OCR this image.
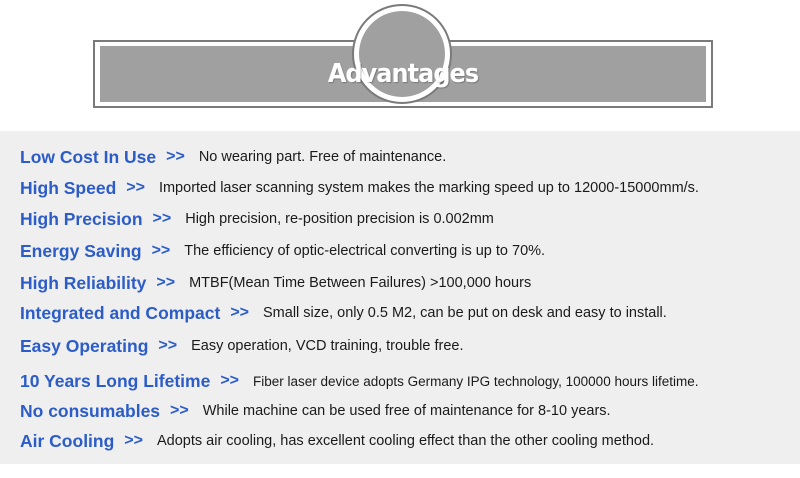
Advantages
Low Cost In Use >> No wearing part. Free of maintenance.
High Speed >> Imported laser scanning system makes the marking speed up to 12000-15000mm/s.
High Precision >> High precision, re-position precision is 0.002mm
Energy Saving >> The efficiency of optic-electrical converting is up to 70%.
High Reliability >> MTBF(Mean Time Between Failures) >100,000 hours
Integrated and Compact >> Small size, only 0.5 M2, can be put on desk and easy to install.
Easy Operating >> Easy operation, VCD training, trouble free.
10 Years Long Lifetime >> Fiber laser device adopts Germany IPG technology, 100000 hours lifetime.
No consumables >> While machine can be used free of maintenance for 8-10 years.
Air Cooling >> Adopts air cooling, has excellent cooling effect than the other cooling method.
